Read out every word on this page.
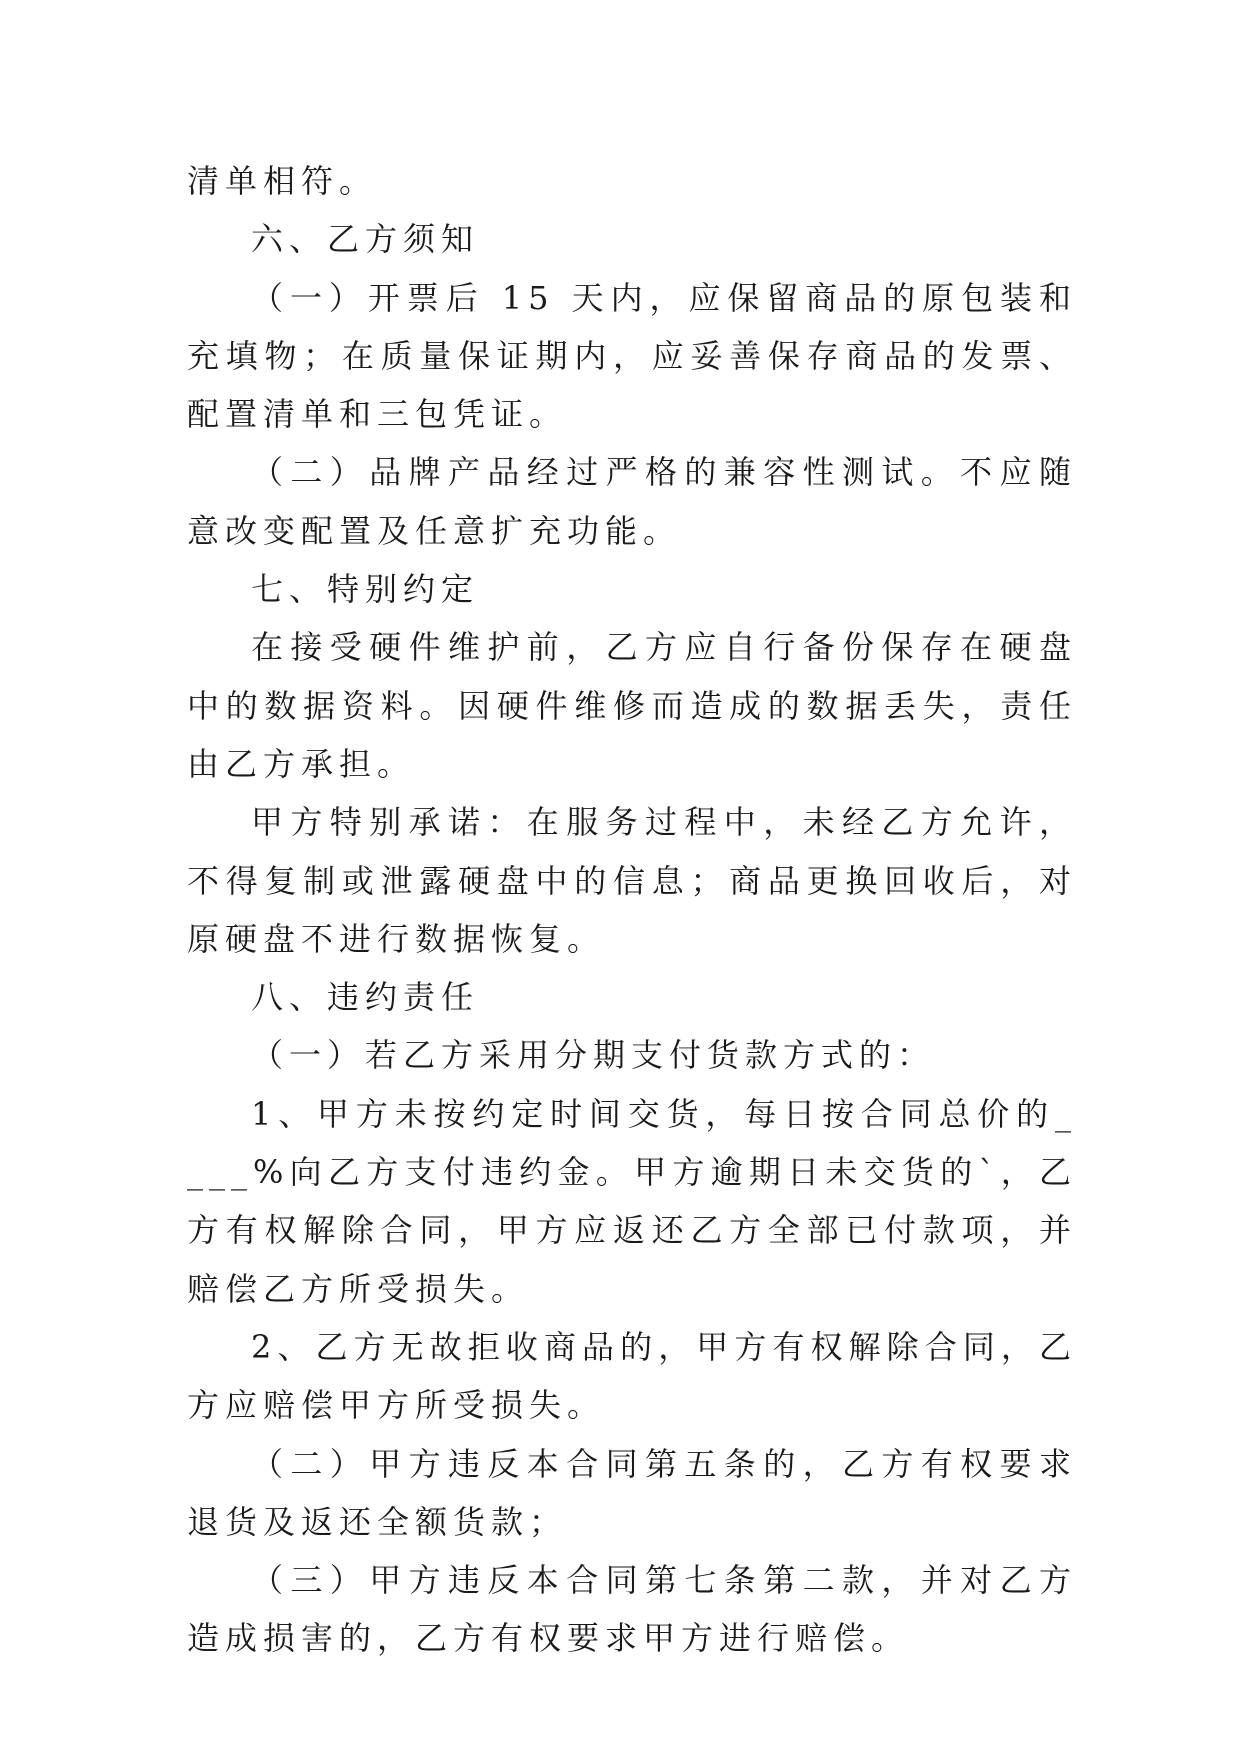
清单相符。

六、乙方须知

（一）开票后 15 天内，应保留商品的原包装和充填物；在质量保证期内，应妥善保存商品的发票、配置清单和三包凭证。

（二）品牌产品经过严格的兼容性测试。不应随意改变配置及任意扩充功能。

七、特别约定

在接受硬件维护前，乙方应自行备份保存在硬盘中的数据资料。因硬件维修而造成的数据丢失，责任由乙方承担。

甲方特别承诺：在服务过程中，未经乙方允许，不得复制或泄露硬盘中的信息；商品更换回收后，对原硬盘不进行数据恢复。

八、违约责任

（一）若乙方采用分期支付货款方式的：

1、甲方未按约定时间交货，每日按合同总价的____%向乙方支付违约金。甲方逾期日未交货的`，乙方有权解除合同，甲方应返还乙方全部已付款项，并赔偿乙方所受损失。

2、乙方无故拒收商品的，甲方有权解除合同，乙方应赔偿甲方所受损失。

（二）甲方违反本合同第五条的，乙方有权要求退货及返还全额货款；

（三）甲方违反本合同第七条第二款，并对乙方造成损害的，乙方有权要求甲方进行赔偿。
